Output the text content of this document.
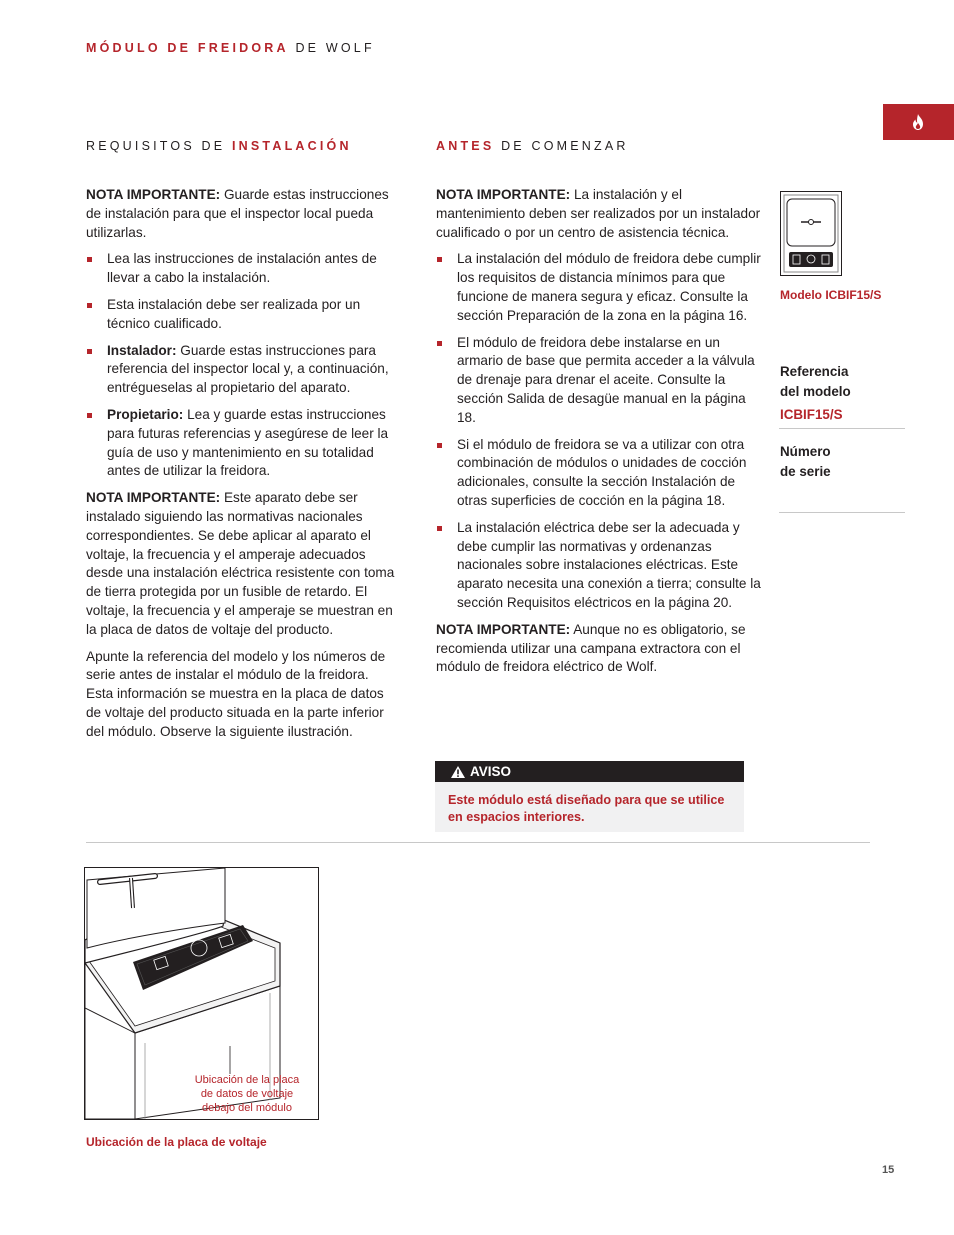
MÓDULO DE FREIDORA DE WOLF
REQUISITOS DE INSTALACIÓN	ANTES DE COMENZAR

NOTA IMPORTANTE: Guarde estas instrucciones de instalación para que el inspector local pueda utilizarlas.

Lea las instrucciones de instalación antes de llevar a cabo la instalación.
Esta instalación debe ser realizada por un técnico cualificado.
Instalador: Guarde estas instrucciones para referencia del inspector local y, a continuación, entrégueselas al propietario del aparato.
Propietario: Lea y guarde estas instrucciones para futuras referencias y asegúrese de leer la guía de uso y mantenimiento en su totalidad antes de utilizar la freidora.

NOTA IMPORTANTE: Este aparato debe ser instalado siguiendo las normativas nacionales correspondientes. Se debe aplicar al aparato el voltaje, la frecuencia y el amperaje adecuados desde una instalación eléctrica resistente con toma de tierra protegida por un fusible de retardo. El voltaje, la frecuencia y el amperaje se muestran en la placa de datos de voltaje del producto.

Apunte la referencia del modelo y los números de serie antes de instalar el módulo de la freidora. Esta información se muestra en la placa de datos de voltaje del producto situada en la parte inferior del módulo. Observe la siguiente ilustración.

NOTA IMPORTANTE: La instalación y el mantenimiento deben ser realizados por un instalador cualificado o por un centro de asistencia técnica.

La instalación del módulo de freidora debe cumplir los requisitos de distancia mínimos para que funcione de manera segura y eficaz. Consulte la sección Preparación de la zona en la página 16.
El módulo de freidora debe instalarse en un armario de base que permita acceder a la válvula de drenaje para drenar el aceite. Consulte la sección Salida de desagüe manual en la página 18.
Si el módulo de freidora se va a utilizar con otra combinación de módulos o unidades de cocción adicionales, consulte la sección Instalación de otras superficies de cocción en la página 18.
La instalación eléctrica debe ser la adecuada y debe cumplir las normativas y ordenanzas nacionales sobre instalaciones eléctricas. Este aparato necesita una conexión a tierra; consulte la sección Requisitos eléctricos en la página 20.

NOTA IMPORTANTE: Aunque no es obligatorio, se recomienda utilizar una campana extractora con el módulo de freidora eléctrico de Wolf.

AVISO
Este módulo está diseñado para que se utilice en espacios interiores.
Modelo ICBIF15/S
Referencia
del modelo
ICBIF15/S
Número
de serie
Ubicación de la placa
de datos de voltaje
debajo del módulo
Ubicación de la placa de voltaje
15
